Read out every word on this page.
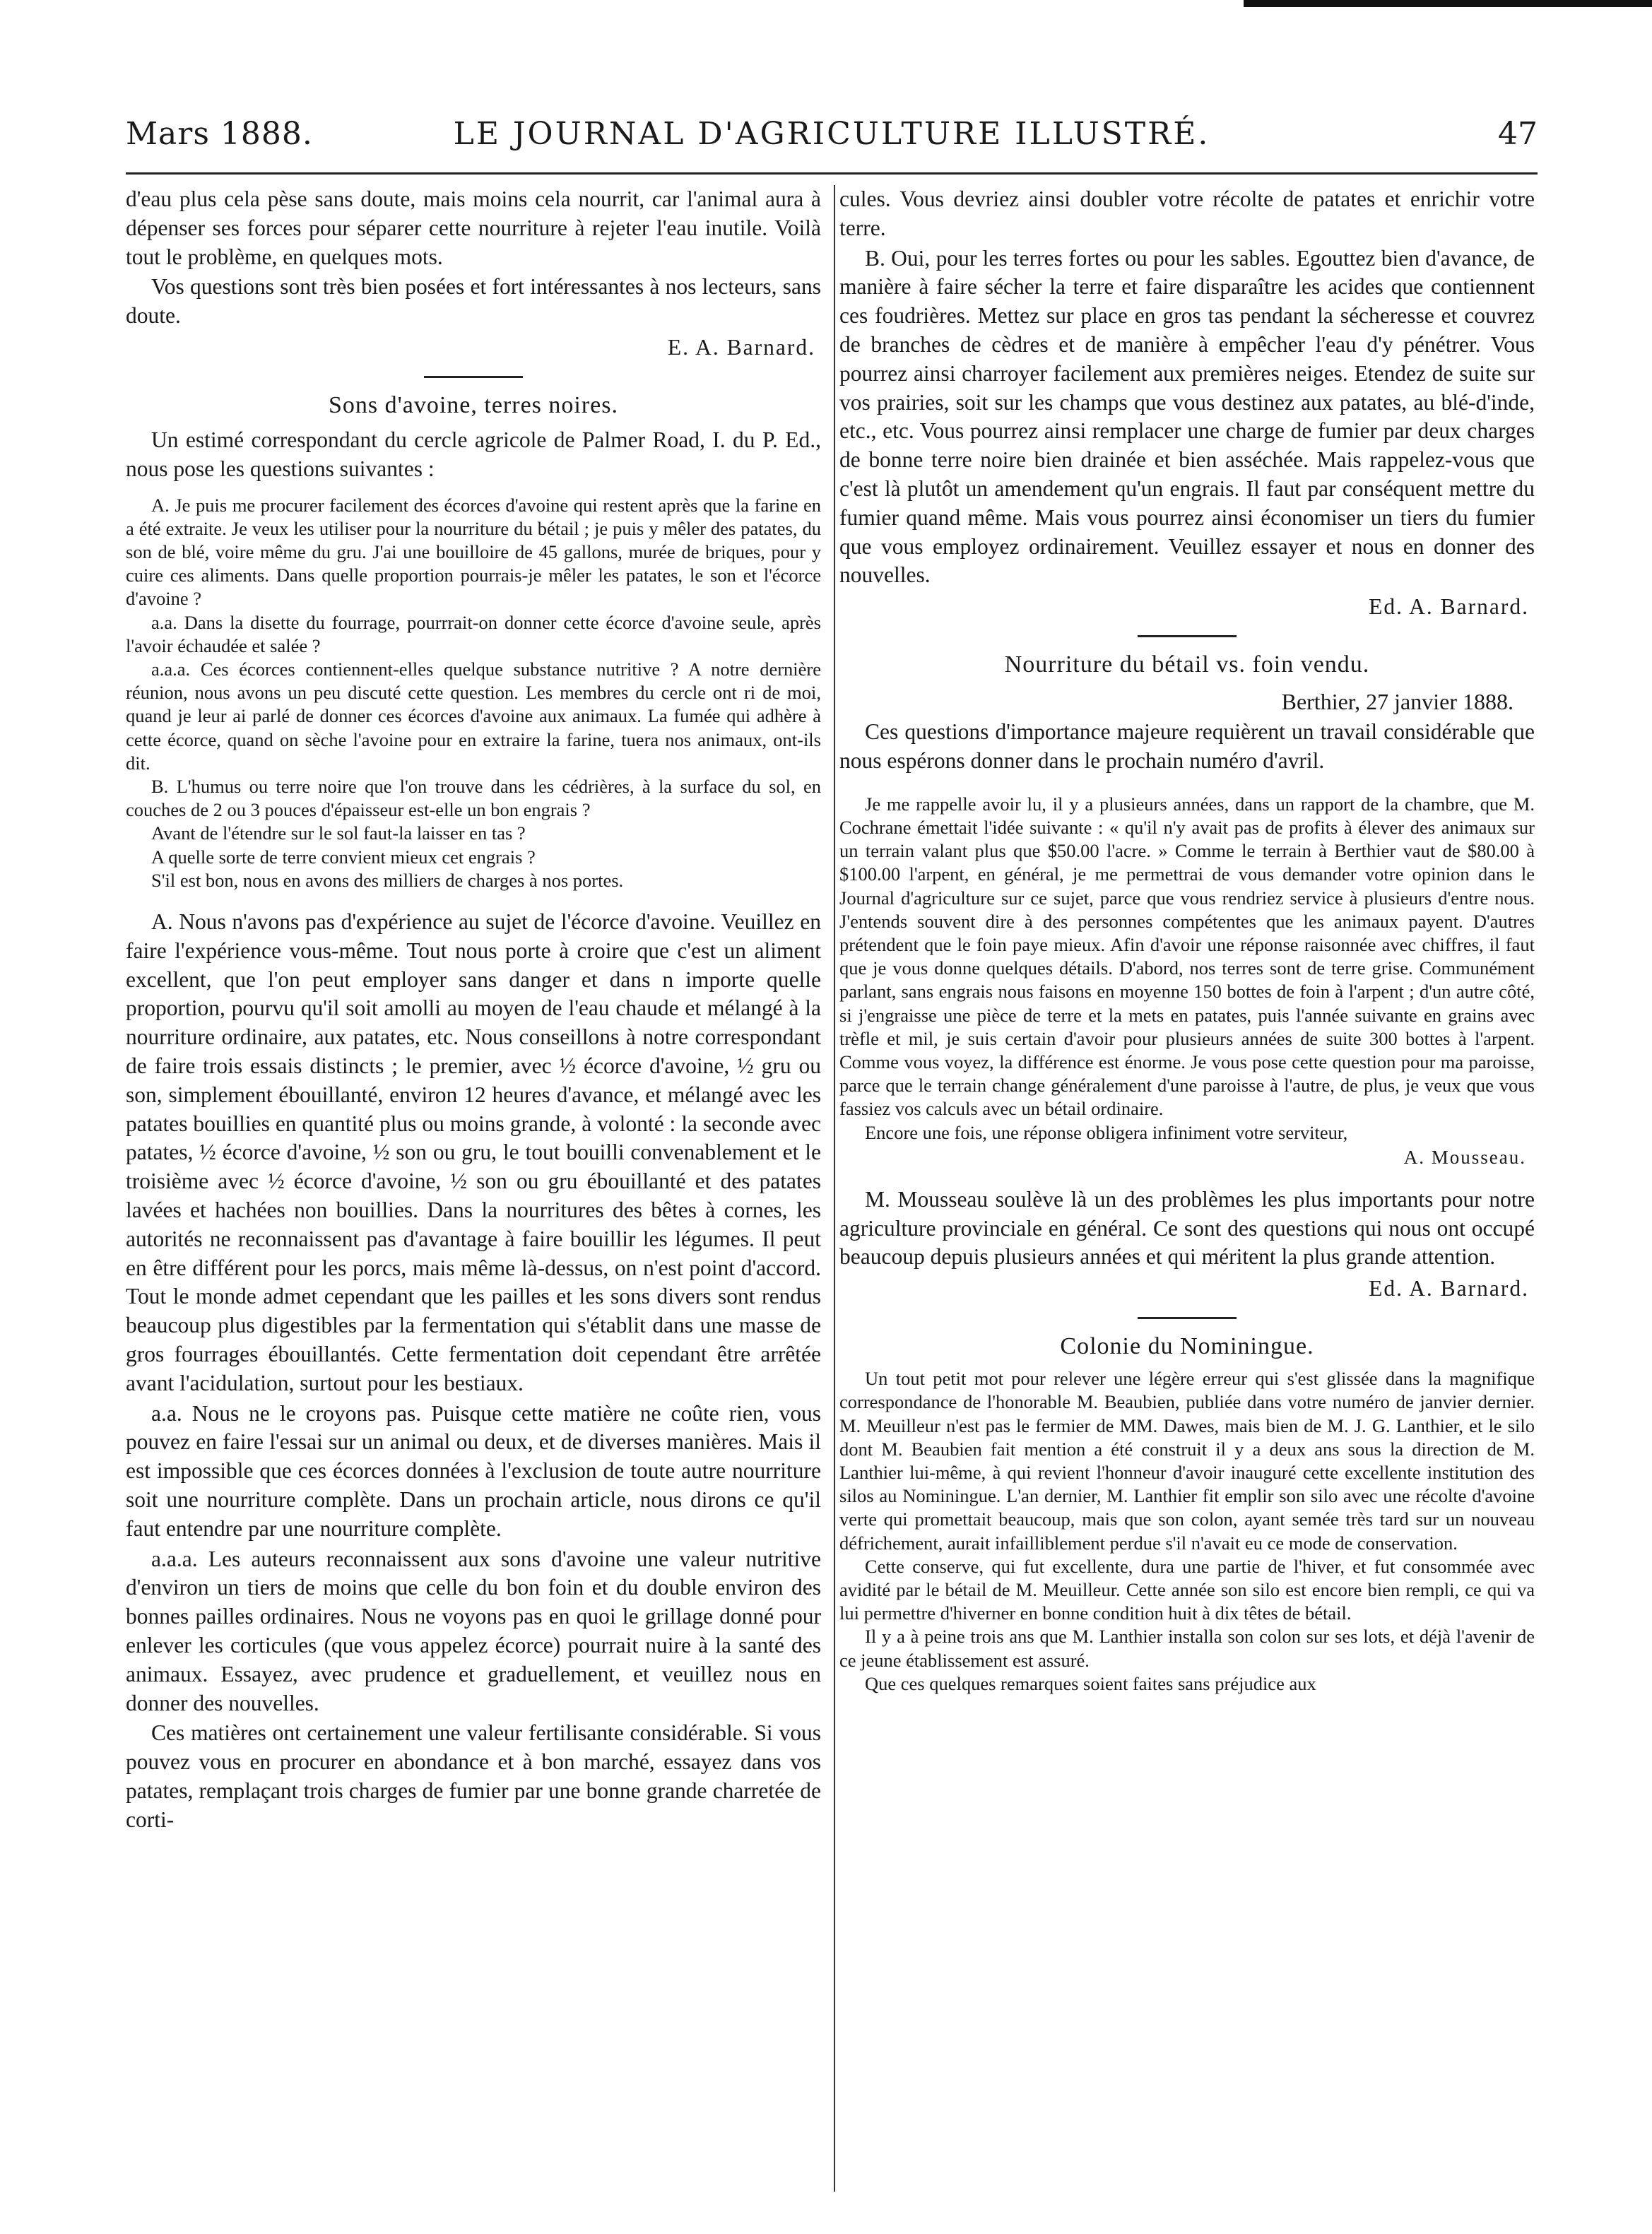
Mars 1888.	LE JOURNAL D'AGRICULTURE ILLUSTRÉ.	47

d'eau plus cela pèse sans doute, mais moins cela nourrit, car l'animal aura à dépenser ses forces pour séparer cette nourriture à rejeter l'eau inutile. Voilà tout le problème, en quelques mots.

Vos questions sont très bien posées et fort intéressantes à nos lecteurs, sans doute.

E. A. Barnard.
Sons d'avoine, terres noires.

Un estimé correspondant du cercle agricole de Palmer Road, I. du P. Ed., nous pose les questions suivantes :

A. Je puis me procurer facilement des écorces d'avoine qui restent après que la farine en a été extraite. Je veux les utiliser pour la nourriture du bétail ; je puis y mêler des patates, du son de blé, voire même du gru. J'ai une bouilloire de 45 gallons, murée de briques, pour y cuire ces aliments. Dans quelle proportion pourrais-je mêler les patates, le son et l'écorce d'avoine ?

a.a. Dans la disette du fourrage, pourrrait-on donner cette écorce d'avoine seule, après l'avoir échaudée et salée ?

a.a.a. Ces écorces contiennent-elles quelque substance nutritive ? A notre dernière réunion, nous avons un peu discuté cette question. Les membres du cercle ont ri de moi, quand je leur ai parlé de donner ces écorces d'avoine aux animaux. La fumée qui adhère à cette écorce, quand on sèche l'avoine pour en extraire la farine, tuera nos animaux, ont-ils dit.

B. L'humus ou terre noire que l'on trouve dans les cédrières, à la surface du sol, en couches de 2 ou 3 pouces d'épaisseur est-elle un bon engrais ?

Avant de l'étendre sur le sol faut-la laisser en tas ?

A quelle sorte de terre convient mieux cet engrais ?

S'il est bon, nous en avons des milliers de charges à nos portes.

A. Nous n'avons pas d'expérience au sujet de l'écorce d'avoine. Veuillez en faire l'expérience vous-même. Tout nous porte à croire que c'est un aliment excellent, que l'on peut employer sans danger et dans n importe quelle proportion, pourvu qu'il soit amolli au moyen de l'eau chaude et mélangé à la nourriture ordinaire, aux patates, etc. Nous conseillons à notre correspondant de faire trois essais distincts ; le premier, avec ½ écorce d'avoine, ½ gru ou son, simplement ébouillanté, environ 12 heures d'avance, et mélangé avec les patates bouillies en quantité plus ou moins grande, à volonté : la seconde avec patates, ½ écorce d'avoine, ½ son ou gru, le tout bouilli convenablement et le troisième avec ½ écorce d'avoine, ½ son ou gru ébouillanté et des patates lavées et hachées non bouillies. Dans la nourritures des bêtes à cornes, les autorités ne reconnaissent pas d'avantage à faire bouillir les légumes. Il peut en être différent pour les porcs, mais même là-dessus, on n'est point d'accord. Tout le monde admet cependant que les pailles et les sons divers sont rendus beaucoup plus digestibles par la fermentation qui s'établit dans une masse de gros fourrages ébouillantés. Cette fermentation doit cependant être arrêtée avant l'acidulation, surtout pour les bestiaux.

a.a. Nous ne le croyons pas. Puisque cette matière ne coûte rien, vous pouvez en faire l'essai sur un animal ou deux, et de diverses manières. Mais il est impossible que ces écorces données à l'exclusion de toute autre nourriture soit une nourriture complète. Dans un prochain article, nous dirons ce qu'il faut entendre par une nourriture complète.

a.a.a. Les auteurs reconnaissent aux sons d'avoine une valeur nutritive d'environ un tiers de moins que celle du bon foin et du double environ des bonnes pailles ordinaires. Nous ne voyons pas en quoi le grillage donné pour enlever les corticules (que vous appelez écorce) pourrait nuire à la santé des animaux. Essayez, avec prudence et graduellement, et veuillez nous en donner des nouvelles.

Ces matières ont certainement une valeur fertilisante considérable. Si vous pouvez vous en procurer en abondance et à bon marché, essayez dans vos patates, remplaçant trois charges de fumier par une bonne grande charretée de corti-

cules. Vous devriez ainsi doubler votre récolte de patates et enrichir votre terre.

B. Oui, pour les terres fortes ou pour les sables. Egouttez bien d'avance, de manière à faire sécher la terre et faire disparaître les acides que contiennent ces foudrières. Mettez sur place en gros tas pendant la sécheresse et couvrez de branches de cèdres et de manière à empêcher l'eau d'y pénétrer. Vous pourrez ainsi charroyer facilement aux premières neiges. Etendez de suite sur vos prairies, soit sur les champs que vous destinez aux patates, au blé-d'inde, etc., etc. Vous pourrez ainsi remplacer une charge de fumier par deux charges de bonne terre noire bien drainée et bien asséchée. Mais rappelez-vous que c'est là plutôt un amendement qu'un engrais. Il faut par conséquent mettre du fumier quand même. Mais vous pourrez ainsi économiser un tiers du fumier que vous employez ordinairement. Veuillez essayer et nous en donner des nouvelles.

Ed. A. Barnard.
Nourriture du bétail vs. foin vendu.
Berthier, 27 janvier 1888.

Ces questions d'importance majeure requièrent un travail considérable que nous espérons donner dans le prochain numéro d'avril.

Je me rappelle avoir lu, il y a plusieurs années, dans un rapport de la chambre, que M. Cochrane émettait l'idée suivante : « qu'il n'y avait pas de profits à élever des animaux sur un terrain valant plus que $50.00 l'acre. » Comme le terrain à Berthier vaut de $80.00 à $100.00 l'arpent, en général, je me permettrai de vous demander votre opinion dans le Journal d'agriculture sur ce sujet, parce que vous rendriez service à plusieurs d'entre nous. J'entends souvent dire à des personnes compétentes que les animaux payent. D'autres prétendent que le foin paye mieux. Afin d'avoir une réponse raisonnée avec chiffres, il faut que je vous donne quelques détails. D'abord, nos terres sont de terre grise. Communément parlant, sans engrais nous faisons en moyenne 150 bottes de foin à l'arpent ; d'un autre côté, si j'engraisse une pièce de terre et la mets en patates, puis l'année suivante en grains avec trèfle et mil, je suis certain d'avoir pour plusieurs années de suite 300 bottes à l'arpent. Comme vous voyez, la différence est énorme. Je vous pose cette question pour ma paroisse, parce que le terrain change généralement d'une paroisse à l'autre, de plus, je veux que vous fassiez vos calculs avec un bétail ordinaire.

Encore une fois, une réponse obligera infiniment votre serviteur,

A. Mousseau.

M. Mousseau soulève là un des problèmes les plus importants pour notre agriculture provinciale en général. Ce sont des questions qui nous ont occupé beaucoup depuis plusieurs années et qui méritent la plus grande attention.

Ed. A. Barnard.
Colonie du Nominingue.

Un tout petit mot pour relever une légère erreur qui s'est glissée dans la magnifique correspondance de l'honorable M. Beaubien, publiée dans votre numéro de janvier dernier. M. Meuilleur n'est pas le fermier de MM. Dawes, mais bien de M. J. G. Lanthier, et le silo dont M. Beaubien fait mention a été construit il y a deux ans sous la direction de M. Lanthier lui-même, à qui revient l'honneur d'avoir inauguré cette excellente institution des silos au Nominingue. L'an dernier, M. Lanthier fit emplir son silo avec une récolte d'avoine verte qui promettait beaucoup, mais que son colon, ayant semée très tard sur un nouveau défrichement, aurait infailliblement perdue s'il n'avait eu ce mode de conservation.

Cette conserve, qui fut excellente, dura une partie de l'hiver, et fut consommée avec avidité par le bétail de M. Meuilleur. Cette année son silo est encore bien rempli, ce qui va lui permettre d'hiverner en bonne condition huit à dix têtes de bétail.

Il y a à peine trois ans que M. Lanthier installa son colon sur ses lots, et déjà l'avenir de ce jeune établissement est assuré.

Que ces quelques remarques soient faites sans préjudice aux
